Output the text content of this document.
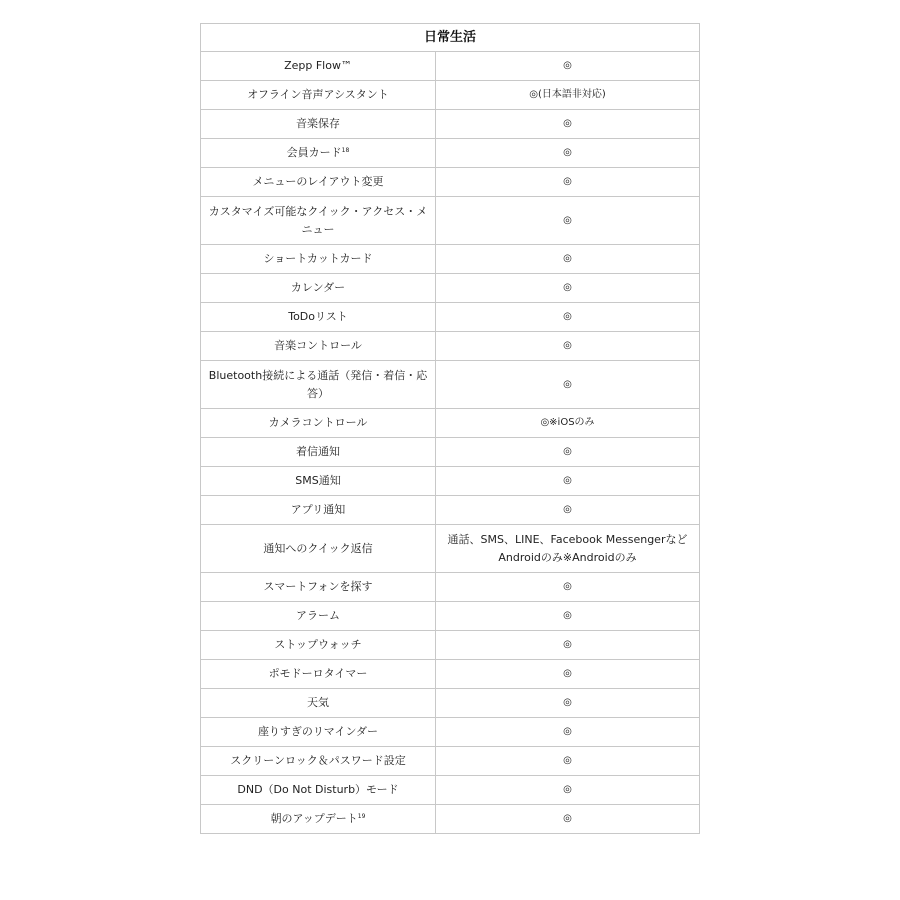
日常生活	
Zepp Flow™	◎
オフライン音声アシスタント	◎(日本語非対応)
音楽保存	◎
会員カード$^{18}$	◎
メニューのレイアウト変更	◎
カスタマイズ可能なクイック・アクセス・メニュー	◎
ショートカットカード	◎
カレンダー	◎
ToDoリスト	◎
音楽コントロール	◎
Bluetooth接続による通話（発信・着信・応答）	◎
カメラコントロール	◎※iOSのみ
着信通知	◎
SMS通知	◎
アプリ通知	◎
通知へのクイック返信	通話、SMS、LINE、Facebook Messengerなど Androidのみ※Androidのみ
スマートフォンを探す	◎
アラーム	◎
ストップウォッチ	◎
ポモドーロタイマー	◎
天気	◎
座りすぎのリマインダー	◎
スクリーンロック＆パスワード設定	◎
DND（Do Not Disturb）モード	◎
朝のアップデート$^{19}$	◎
